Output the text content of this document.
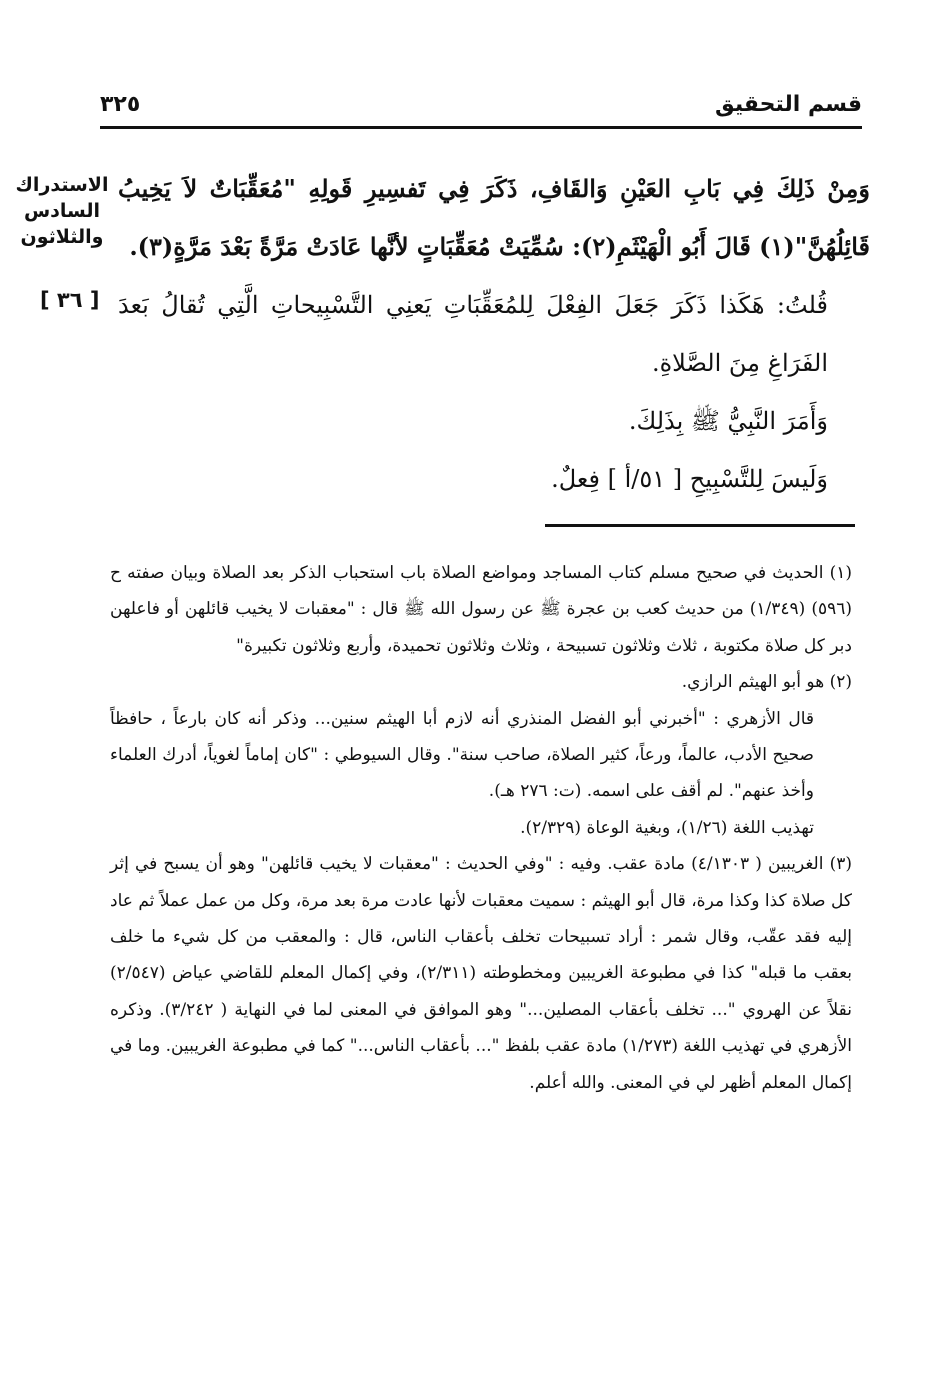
قسم التحقيق
٣٢٥
الاستدراك
السادس
والثلاثون
[ ٣٦ ]

وَمِنْ ذَلِكَ فِي بَابِ العَيْنِ وَالقَافِ، ذَكَرَ فِي تَفسِيرِ قَولِهِ "مُعَقِّبَاتٌ لاَ يَخِيبُ قَائِلُهُنَّ"(١) قَالَ أَبُو الْهَيْثَمِ(٢): سُمِّيَتْ مُعَقِّبَاتٍ لأنَّها عَادَتْ مَرَّةً بَعْدَ مَرَّةٍ(٣).

قُلتُ: هَكَذا ذَكَرَ جَعَلَ الفِعْلَ لِلمُعَقِّبَاتِ يَعنِي التَّسْبِيحاتِ الَّتِي تُقالُ بَعدَ الفَرَاغِ مِنَ الصَّلاةِ.

وَأَمَرَ النَّبِيُّ ﷺ بِذَلِكَ.

وَلَيسَ لِلتَّسْبِيحِ [ ٥١/أ ] فِعلٌ.

(١) الحديث في صحيح مسلم كتاب المساجد ومواضع الصلاة باب استحباب الذكر بعد الصلاة وبيان صفته ح (٥٩٦) (١/٣٤٩) من حديث كعب بن عجرة ﷺ عن رسول الله ﷺ قال : "معقبات لا يخيب قائلهن أو فاعلهن دبر كل صلاة مكتوبة ، ثلاث وثلاثون تسبيحة ، وثلاث وثلاثون تحميدة، وأربع وثلاثون تكبيرة"

(٢) هو أبو الهيثم الرازي.

قال الأزهري : "أخبرني أبو الفضل المنذري أنه لازم أبا الهيثم سنين... وذكر أنه كان بارعاً ، حافظاً صحيح الأدب، عالماً، ورعاً، كثير الصلاة، صاحب سنة". وقال السيوطي : "كان إماماً لغوياً، أدرك العلماء وأخذ عنهم". لم أقف على اسمه. (ت: ٢٧٦ هـ).

تهذيب اللغة (١/٢٦)، وبغية الوعاة (٢/٣٢٩).

(٣) الغريبين ( ٤/١٣٠٣) مادة عقب. وفيه : "وفي الحديث : "معقبات لا يخيب قائلهن" وهو أن يسبح في إثر كل صلاة كذا وكذا مرة، قال أبو الهيثم : سميت معقبات لأنها عادت مرة بعد مرة، وكل من عمل عملاً ثم عاد إليه فقد عقّب، وقال شمر : أراد تسبيحات تخلف بأعقاب الناس، قال : والمعقب من كل شيء ما خلف بعقب ما قبله" كذا في مطبوعة الغريبين ومخطوطته (٢/٣١١)، وفي إكمال المعلم للقاضي عياض (٢/٥٤٧) نقلاً عن الهروي "... تخلف بأعقاب المصلين..." وهو الموافق في المعنى لما في النهاية ( ٣/٢٤٢). وذكره الأزهري في تهذيب اللغة (١/٢٧٣) مادة عقب بلفظ "... بأعقاب الناس..." كما في مطبوعة الغريبين. وما في إكمال المعلم أظهر لي في المعنى. والله أعلم.
